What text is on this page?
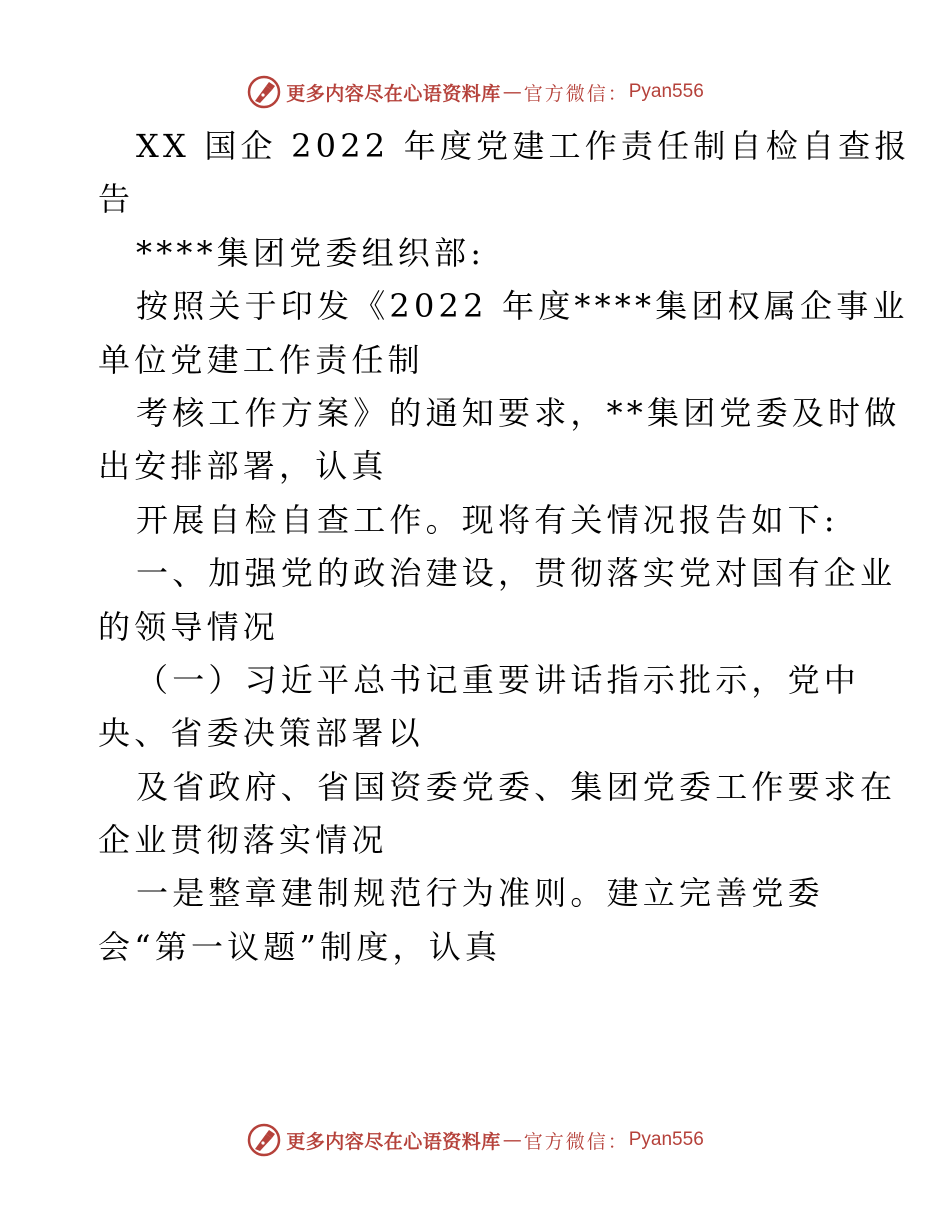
更多内容尽在心语资料库 — 官方微信： Pyan556
XX 国企 2022 年度党建工作责任制自检自查报
告
****集团党委组织部:
按照关于印发《2022 年度****集团权属企事业
单位党建工作责任制
考核工作方案》的通知要求，**集团党委及时做
出安排部署，认真
开展自检自查工作。现将有关情况报告如下:
一、加强党的政治建设，贯彻落实党对国有企业
的领导情况
（一）习近平总书记重要讲话指示批示，党中
央、省委决策部署以
及省政府、省国资委党委、集团党委工作要求在
企业贯彻落实情况
一是整章建制规范行为准则。建立完善党委
会“第一议题”制度，认真
更多内容尽在心语资料库 — 官方微信： Pyan556
